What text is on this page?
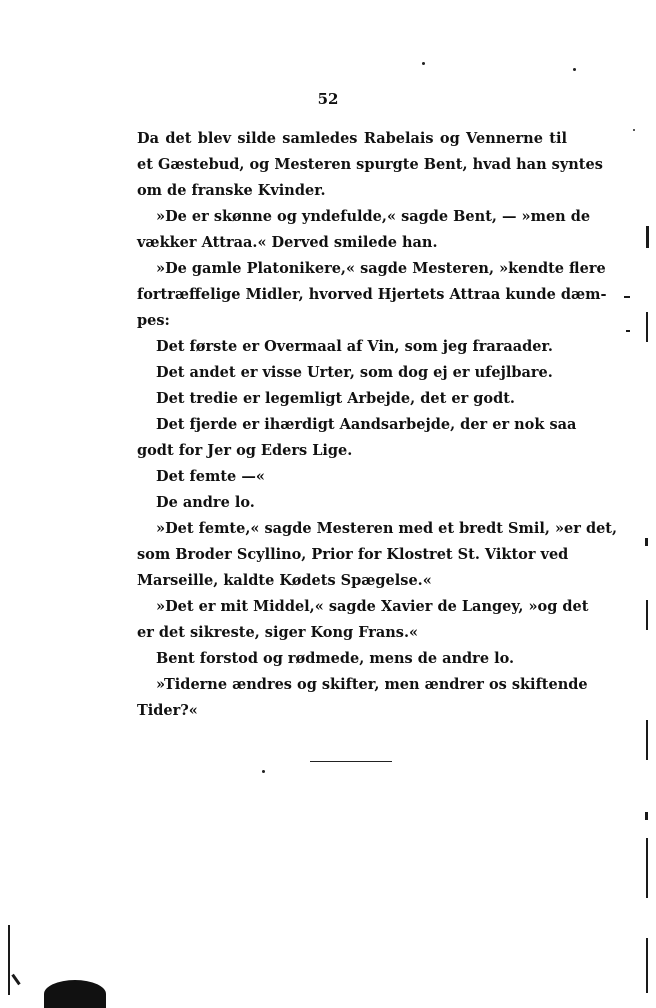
52
Da det blev silde samledes Rabelais og Vennerne til
et Gæstebud, og Mesteren spurgte Bent, hvad han syntes
om de franske Kvinder.
»De er skønne og yndefulde,« sagde Bent, — »men de
vækker Attraa.« Derved smilede han.
»De gamle Platonikere,« sagde Mesteren, »kendte flere
fortræffelige Midler, hvorved Hjertets Attraa kunde dæm-
pes:
Det første er Overmaal af Vin, som jeg fraraader.
Det andet er visse Urter, som dog ej er ufejlbare.
Det tredie er legemligt Arbejde, det er godt.
Det fjerde er ihærdigt Aandsarbejde, der er nok saa
godt for Jer og Eders Lige.
Det femte —«
De andre lo.
»Det femte,« sagde Mesteren med et bredt Smil, »er det,
som Broder Scyllino, Prior for Klostret St. Viktor ved
Marseille, kaldte Kødets Spægelse.«
»Det er mit Middel,« sagde Xavier de Langey, »og det
er det sikreste, siger Kong Frans.«
Bent forstod og rødmede, mens de andre lo.
»Tiderne ændres og skifter, men ændrer os skiftende
Tider?«
